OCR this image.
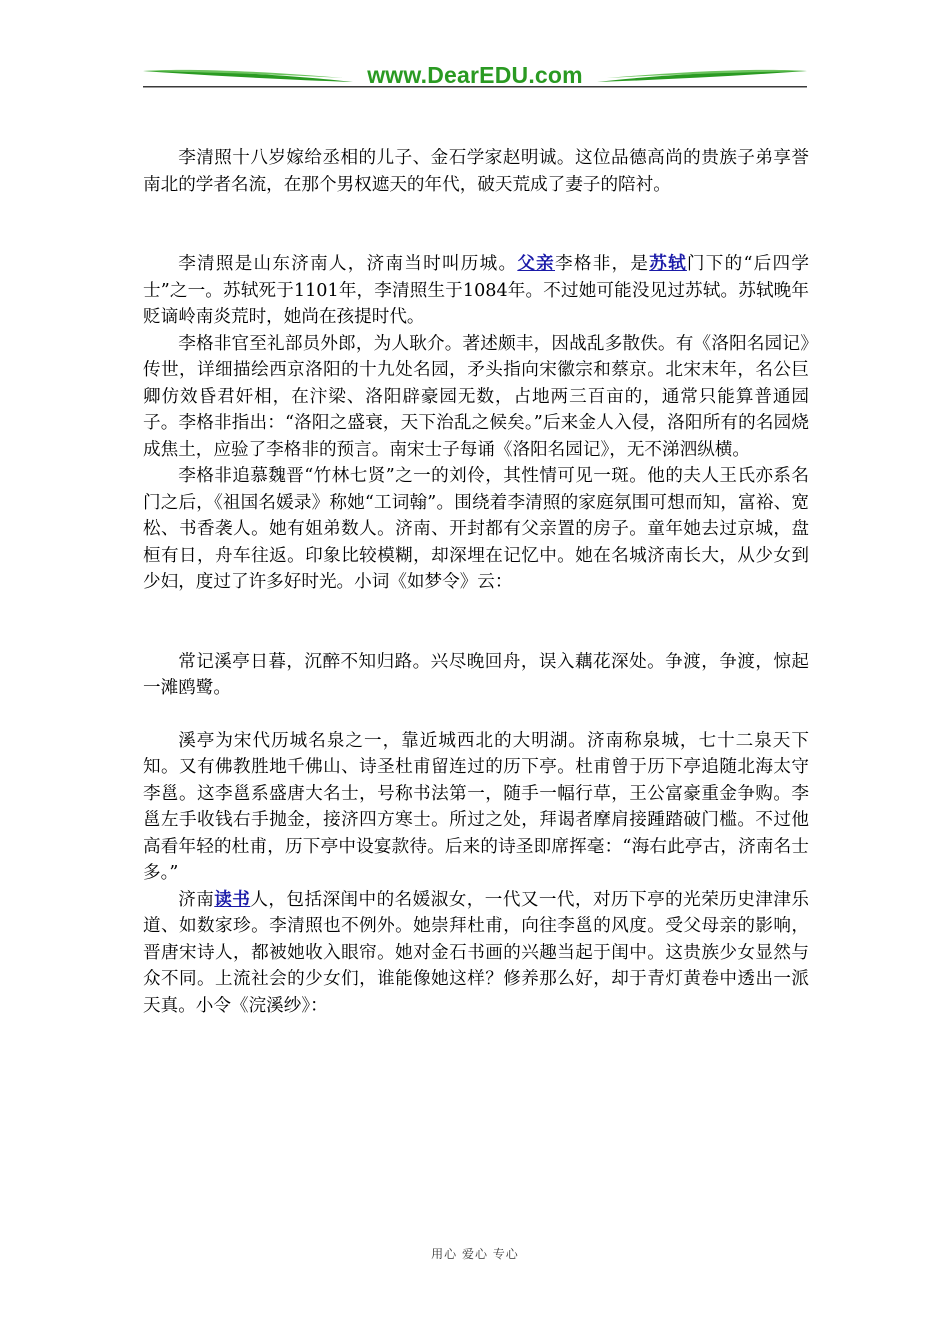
www.DearEDU.com

李清照十八岁嫁给丞相的儿子、金石学家赵明诚。这位品德高尚的贵族子弟享誉南北的学者名流，在那个男权遮天的年代，破天荒成了妻子的陪衬。

李清照是山东济南人，济南当时叫历城。父亲李格非，是苏轼门下的“后四学士”之一。苏轼死于1101年，李清照生于1084年。不过她可能没见过苏轼。苏轼晚年贬谪岭南炎荒时，她尚在孩提时代。

李格非官至礼部员外郎，为人耿介。著述颇丰，因战乱多散佚。有《洛阳名园记》传世，详细描绘西京洛阳的十九处名园，矛头指向宋徽宗和蔡京。北宋末年，名公巨卿仿效昏君奸相，在汴梁、洛阳辟豪园无数，占地两三百亩的，通常只能算普通园子。李格非指出：“洛阳之盛衰，天下治乱之候矣。”后来金人入侵，洛阳所有的名园烧成焦土，应验了李格非的预言。南宋士子每诵《洛阳名园记》，无不涕泗纵横。

李格非追慕魏晋“竹林七贤”之一的刘伶，其性情可见一斑。他的夫人王氏亦系名门之后，《祖国名媛录》称她“工词翰”。围绕着李清照的家庭氛围可想而知，富裕、宽松、书香袭人。她有姐弟数人。济南、开封都有父亲置的房子。童年她去过京城，盘桓有日，舟车往返。印象比较模糊，却深埋在记忆中。她在名城济南长大，从少女到少妇，度过了许多好时光。小词《如梦令》云：

常记溪亭日暮，沉醉不知归路。兴尽晚回舟，误入藕花深处。争渡，争渡，惊起一滩鸥鹭。

溪亭为宋代历城名泉之一，靠近城西北的大明湖。济南称泉城，七十二泉天下知。又有佛教胜地千佛山、诗圣杜甫留连过的历下亭。杜甫曾于历下亭追随北海太守李邕。这李邕系盛唐大名士，号称书法第一，随手一幅行草，王公富豪重金争购。李邕左手收钱右手抛金，接济四方寒士。所过之处，拜谒者摩肩接踵踏破门槛。不过他高看年轻的杜甫，历下亭中设宴款待。后来的诗圣即席挥毫：“海右此亭古，济南名士多。”

济南读书人，包括深闺中的名媛淑女，一代又一代，对历下亭的光荣历史津津乐道、如数家珍。李清照也不例外。她崇拜杜甫，向往李邕的风度。受父母亲的影响，晋唐宋诗人，都被她收入眼帘。她对金石书画的兴趣当起于闺中。这贵族少女显然与众不同。上流社会的少女们，谁能像她这样？修养那么好，却于青灯黄卷中透出一派天真。小令《浣溪纱》：

用心 爱心 专心
